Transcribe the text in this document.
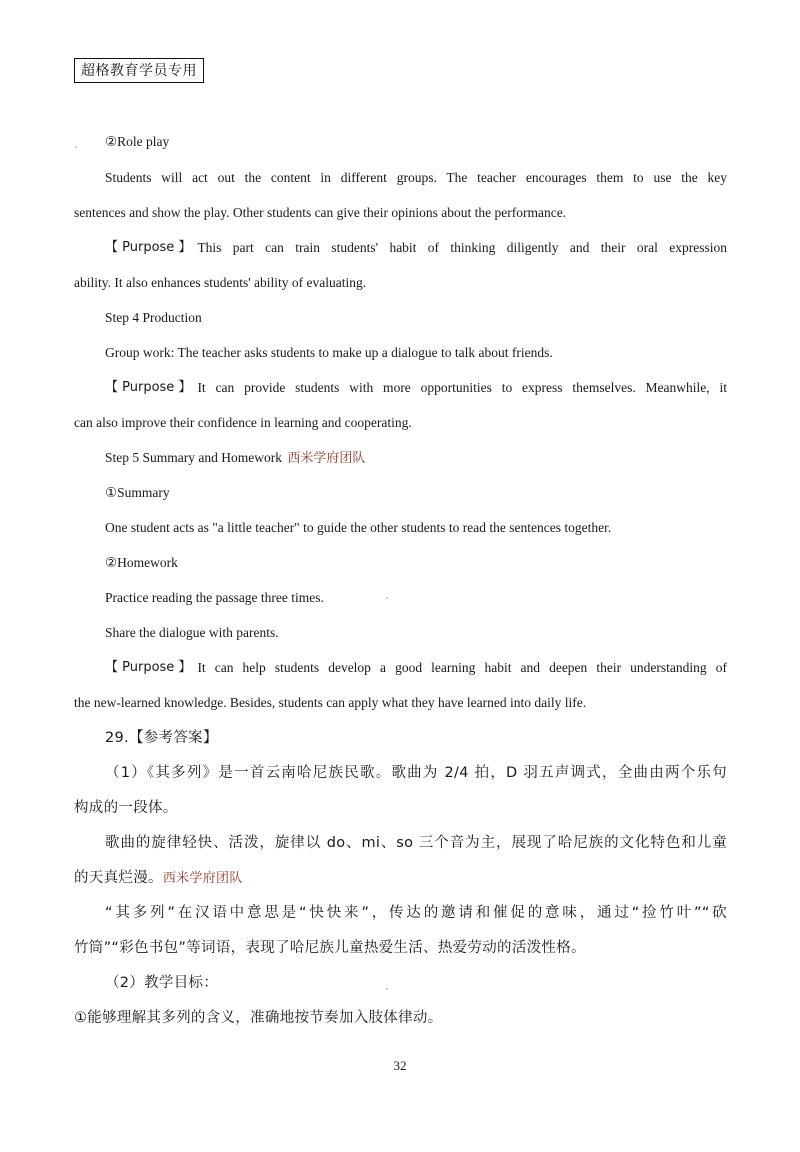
超格教育学员专用
②Role play
Students will act out the content in different groups. The teacher encourages them to use the key
sentences and show the play. Other students can give their opinions about the performance.
【 Purpose 】 This part can train students' habit of thinking diligently and their oral expression
ability. It also enhances students' ability of evaluating.
Step 4 Production
Group work: The teacher asks students to make up a dialogue to talk about friends.
【 Purpose 】 It can provide students with more opportunities to express themselves. Meanwhile, it
can also improve their confidence in learning and cooperating.
Step 5 Summary and Homework 西米学府团队
①Summary
One student acts as "a little teacher" to guide the other students to read the sentences together.
②Homework
Practice reading the passage three times.
Share the dialogue with parents.
【 Purpose 】 It can help students develop a good learning habit and deepen their understanding of
the new-learned knowledge. Besides, students can apply what they have learned into daily life.
29.【参考答案】
（1）《其多列》是一首云南哈尼族民歌。歌曲为 2/4 拍，D 羽五声调式，全曲由两个乐句
构成的一段体。
歌曲的旋律轻快、活泼，旋律以 do、mi、so 三个音为主，展现了哈尼族的文化特色和儿童
的天真烂漫。西米学府团队
“其多列”在汉语中意思是“快快来”，传达的邀请和催促的意味，通过“捡竹叶”“砍
竹筒”“彩色书包”等词语，表现了哈尼族儿童热爱生活、热爱劳动的活泼性格。
（2）教学目标：
①能够理解其多列的含义，准确地按节奏加入肢体律动。
32
